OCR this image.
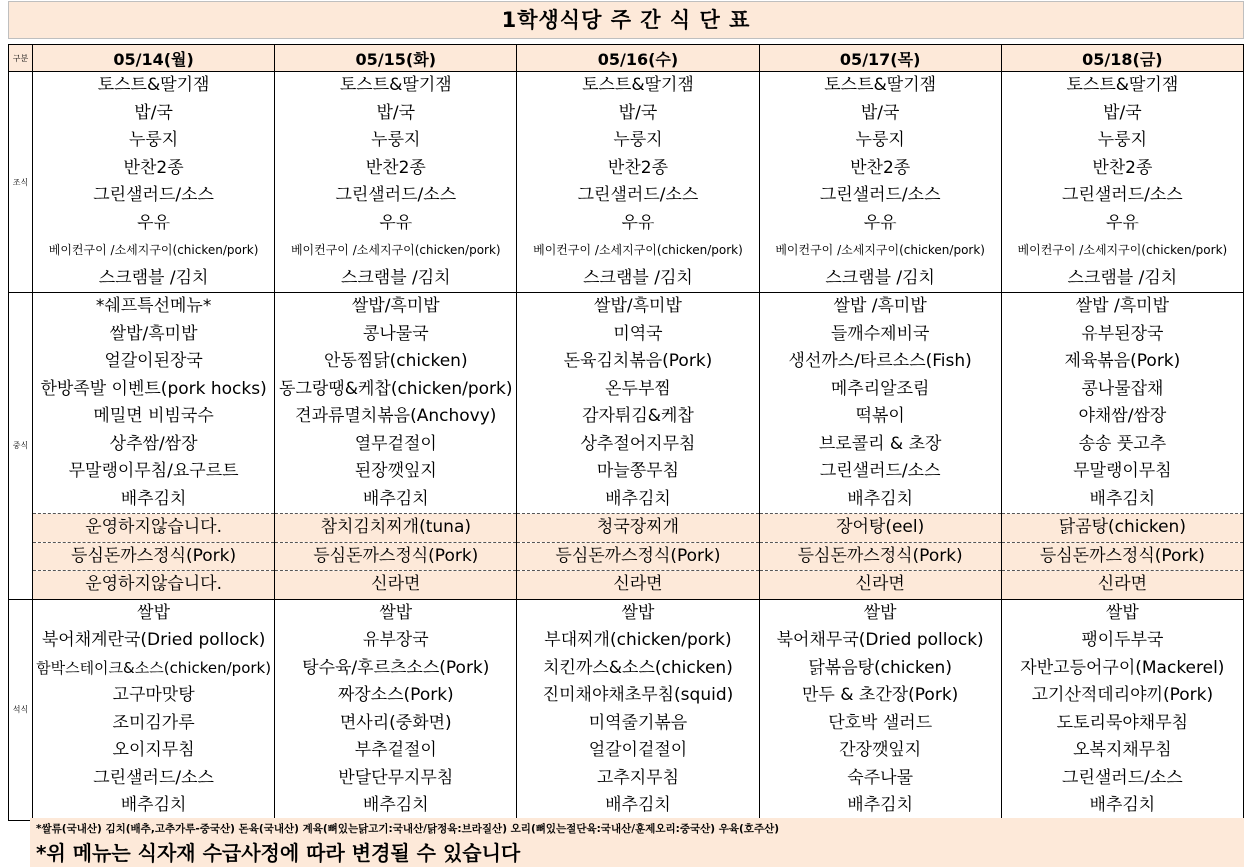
1학생식당 주 간 식 단 표
구분	05/14(월)	05/15(화)	05/16(수)	05/17(목)	05/18(금)
조식	토스트&딸기잼	토스트&딸기잼	토스트&딸기잼	토스트&딸기잼	토스트&딸기잼
	밥/국	밥/국	밥/국	밥/국	밥/국
	누룽지	누룽지	누룽지	누룽지	누룽지
	반찬2종	반찬2종	반찬2종	반찬2종	반찬2종
	그린샐러드/소스	그린샐러드/소스	그린샐러드/소스	그린샐러드/소스	그린샐러드/소스
	우유	우유	우유	우유	우유
	베이컨구이 /소세지구이(chicken/pork)	베이컨구이 /소세지구이(chicken/pork)	베이컨구이 /소세지구이(chicken/pork)	베이컨구이 /소세지구이(chicken/pork)	베이컨구이 /소세지구이(chicken/pork)
	스크램블 /김치	스크램블 /김치	스크램블 /김치	스크램블 /김치	스크램블 /김치
중식	*쉐프특선메뉴*	쌀밥/흑미밥	쌀밥/흑미밥	쌀밥 /흑미밥	쌀밥 /흑미밥
	쌀밥/흑미밥	콩나물국	미역국	들깨수제비국	유부된장국
	얼갈이된장국	안동찜닭(chicken)	돈육김치볶음(Pork)	생선까스/타르소스(Fish)	제육볶음(Pork)
	한방족발 이벤트(pork hocks)	동그랑땡&케찹(chicken/pork)	온두부찜	메추리알조림	콩나물잡채
	메밀면 비빔국수	견과류멸치볶음(Anchovy)	감자튀김&케찹	떡볶이	야채쌈/쌈장
	상추쌈/쌈장	열무겉절이	상추절어지무침	브로콜리 & 초장	송송 풋고추
	무말랭이무침/요구르트	된장깻잎지	마늘쫑무침	그린샐러드/소스	무말랭이무침
	배추김치	배추김치	배추김치	배추김치	배추김치
	운영하지않습니다.	참치김치찌개(tuna)	청국장찌개	장어탕(eel)	닭곰탕(chicken)
	등심돈까스정식(Pork)	등심돈까스정식(Pork)	등심돈까스정식(Pork)	등심돈까스정식(Pork)	등심돈까스정식(Pork)
	운영하지않습니다.	신라면	신라면	신라면	신라면
석식	쌀밥	쌀밥	쌀밥	쌀밥	쌀밥
	북어채계란국(Dried pollock)	유부장국	부대찌개(chicken/pork)	북어채무국(Dried pollock)	팽이두부국
	함박스테이크&소스(chicken/pork)	탕수육/후르츠소스(Pork)	치킨까스&소스(chicken)	닭볶음탕(chicken)	자반고등어구이(Mackerel)
	고구마맛탕	짜장소스(Pork)	진미채야채초무침(squid)	만두 & 초간장(Pork)	고기산적데리야끼(Pork)
	조미김가루	면사리(중화면)	미역줄기볶음	단호박 샐러드	도토리묵야채무침
	오이지무침	부추겉절이	얼갈이겉절이	간장깻잎지	오복지채무침
	그린샐러드/소스	반달단무지무침	고추지무침	숙주나물	그린샐러드/소스
	배추김치	배추김치	배추김치	배추김치	배추김치
*쌀류(국내산) 김치(배추,고추가루-중국산) 돈육(국내산) 계육(뼈있는닭고기:국내산/닭정육:브라질산) 오리(뼈있는절단육:국내산/훈제오리:중국산) 우육(호주산)
*위 메뉴는 식자재 수급사정에 따라 변경될 수 있습니다
